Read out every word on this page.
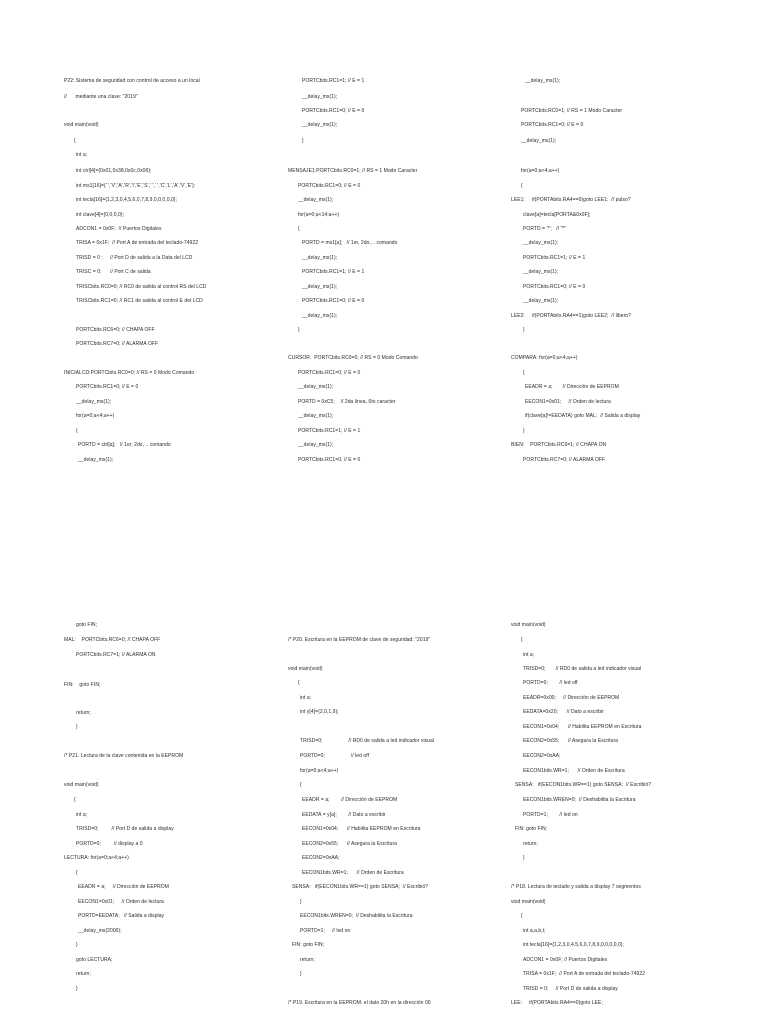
P22: Sistema de seguridad con control de acceso a un local
//      mediante una clave: "2019"
void main(void)
{
int a;
int ctrl[4]={0x01,0x38,0x0c,0x06};
int ms1[16]={' ','V','A','R','I','E','S',' ',' ','C','L','A','V','E'};
int tecla[16]={1,2,3,0,4,5,6,0,7,8,9,0,0,0,0,0};
int clave[4]={0,0,0,0};
ADCON1 = 0x0F;  // Puertos Digitales
TRISA = 0x1F;  // Port A de entrada del teclado-74922
TRISD = 0 ;     // Port D de salida a la Data del LCD
TRISC = 0;      // Port C de salida
TRISCbits.RC0=0; // RC0 de salida al control RS del LCD
TRISCbits.RC1=0; // RC1 de salida al control E del LCD
PORTCbits.RC6=0; // CHAPA OFF
PORTCbits.RC7=0; // ALARMA OFF
INICIALCD:PORTCbits.RC0=0; // RS = 0 Modo Comando
PORTCbits.RC1=0; // E = 0
__delay_ms(1);
for(a=0;a<4;a++)
{
PORTD = ctrl[a];   // 1er, 2do, .. comando
__delay_ms(1);
PORTCbits.RC1=1; // E = 1
__delay_ms(1);
PORTCbits.RC1=0; // E = 0
__delay_ms(1);
}
MENSAJE1:PORTCbits.RC0=1; // RS = 1 Modo Caracter
PORTCbits.RC1=0; // E = 0
__delay_ms(1);
for(a=0;a<14;a++)
{
PORTD = ms1[a];   // 1er, 2do, .. comando
__delay_ms(1);
PORTCbits.RC1=1; // E = 1
__delay_ms(1);
PORTCbits.RC1=0; // E = 0
__delay_ms(1);
}
CURSOR:  PORTCbits.RC0=0; // RS = 0 Modo Comando
PORTCbits.RC1=0; // E = 0
__delay_ms(1);
PORTD = 0xC5;    // 2da linea, 6to caracter
__delay_ms(1);
PORTCbits.RC1=1; // E = 1
__delay_ms(1);
PORTCbits.RC1=0; // E = 0
__delay_ms(1);
PORTCbits.RC0=1; // RS = 1 Modo Caracter
PORTCbits.RC1=0; // E = 0
__delay_ms(1);
for(a=0;a<4;a++)
{
LEE1:     if(PORTAbits.RA4==0)goto LEE1;  // pulso?
clave[a]=tecla[PORTA&0x0F];
PORTD = '*';   // "*"
__delay_ms(1);
PORTCbits.RC1=1; // E = 1
__delay_ms(1);
PORTCbits.RC1=0; // E = 0
__delay_ms(1);
LEE2:     if(PORTAbits.RA4==1)goto LEE2;  // libero?
}
COMPARA: for(a=0;a<4;a++)
{
EEADR = a;       // Direcciòn de EEPROM
EECON1=0x01;     // Orden de lectura
if(clave[a]!=EEDATA) goto MAL;  // Salida a display
}
BIEN:    PORTCbits.RC6=1; // CHAPA ON
PORTCbits.RC7=0; // ALARMA OFF
goto FIN;
MAL:    PORTCbits.RC6=0; // CHAPA OFF
PORTCbits.RC7=1; // ALARMA ON
FIN:    goto FIN;
return;
}
/* P21. Lectura de la clave contenida en la EEPROM
void main(void)
{
int a;
TRISD=0;         // Port D de salida a display
PORTD=0;         // display a 0
LECTURA: for(a=0;a<4;a++)
{
EEADR = a;     // Direcciòn de EEPROM
EECON1=0x01;     // Orden de lectura
PORTD=EEDATA;   // Salida a display
__delay_ms(2000);
}
goto LECTURA;
return;
}
/* P20. Escritura en la EEPROM de clave de seguridad: "2019"
void main(void)
{
int a;
int y[4]={2,0,1,9};
TRISD=0;                  // RD0 de salida a led indicador visual
PORTD=0;                  // led off
for(a=0;a<4;a++)
{
EEADR = a;        // Direcciòn de EEPROM
EEDATA = y[a];        // Dato a escribir
EECON1=0x04;      // Habilita EEPROM en Escritura
EECON2=0x55;      // Asegura la Escritura
EECON2=0xAA;
EECON1bits.WR=1;      // Orden de Escritura
SENSA:   if(EECON1bits.WR==1) goto SENSA;  // Escribió?
}
EECON1bits.WREN=0;  // Deshabilita la Escritura
PORTD=1;     // led on
FIN: goto FIN;
return;
}
/* P19. Escritura en la EEPROM: el dato 20h en la dirección 00
void main(void)
{
int a;
TRISD=0;       // RD0 de salida a led indicador visual
PORTD=0;        // led off
EEADR=0x00;     // Dirección de EEPROM
EEDATA=0x20;      // Dato a escribir
EECON1=0x04;      // Habilita EEPROM en Escritura
EECON2=0x55;      // Asegura la Escritura
EECON2=0xAA;
EECON1bits.WR=1;      // Orden de Escritura
SENSA:   if(EECON1bits.WR==1) goto SENSA;  // Escribió?
EECON1bits.WREN=0;  // Deshabilita la Escritura
PORTD=1;        // led on
FIN: goto FIN;
return;
}
/* P18. Lectura de teclado y salida a display 7 segmentos
void main(void)
{
int a,a,b,t;
int tecla[16]={1,2,3,0,4,5,6,0,7,8,9,0,0,0,0,0};
ADCON1 = 0x0F; // Puertos Digitales
TRISA = 0x1F;  // Port A de entrada del teclado-74922
TRISD = 0;     // Port D de salida a display
LEE:     if(PORTAbits.RA4==0)goto LEE;
